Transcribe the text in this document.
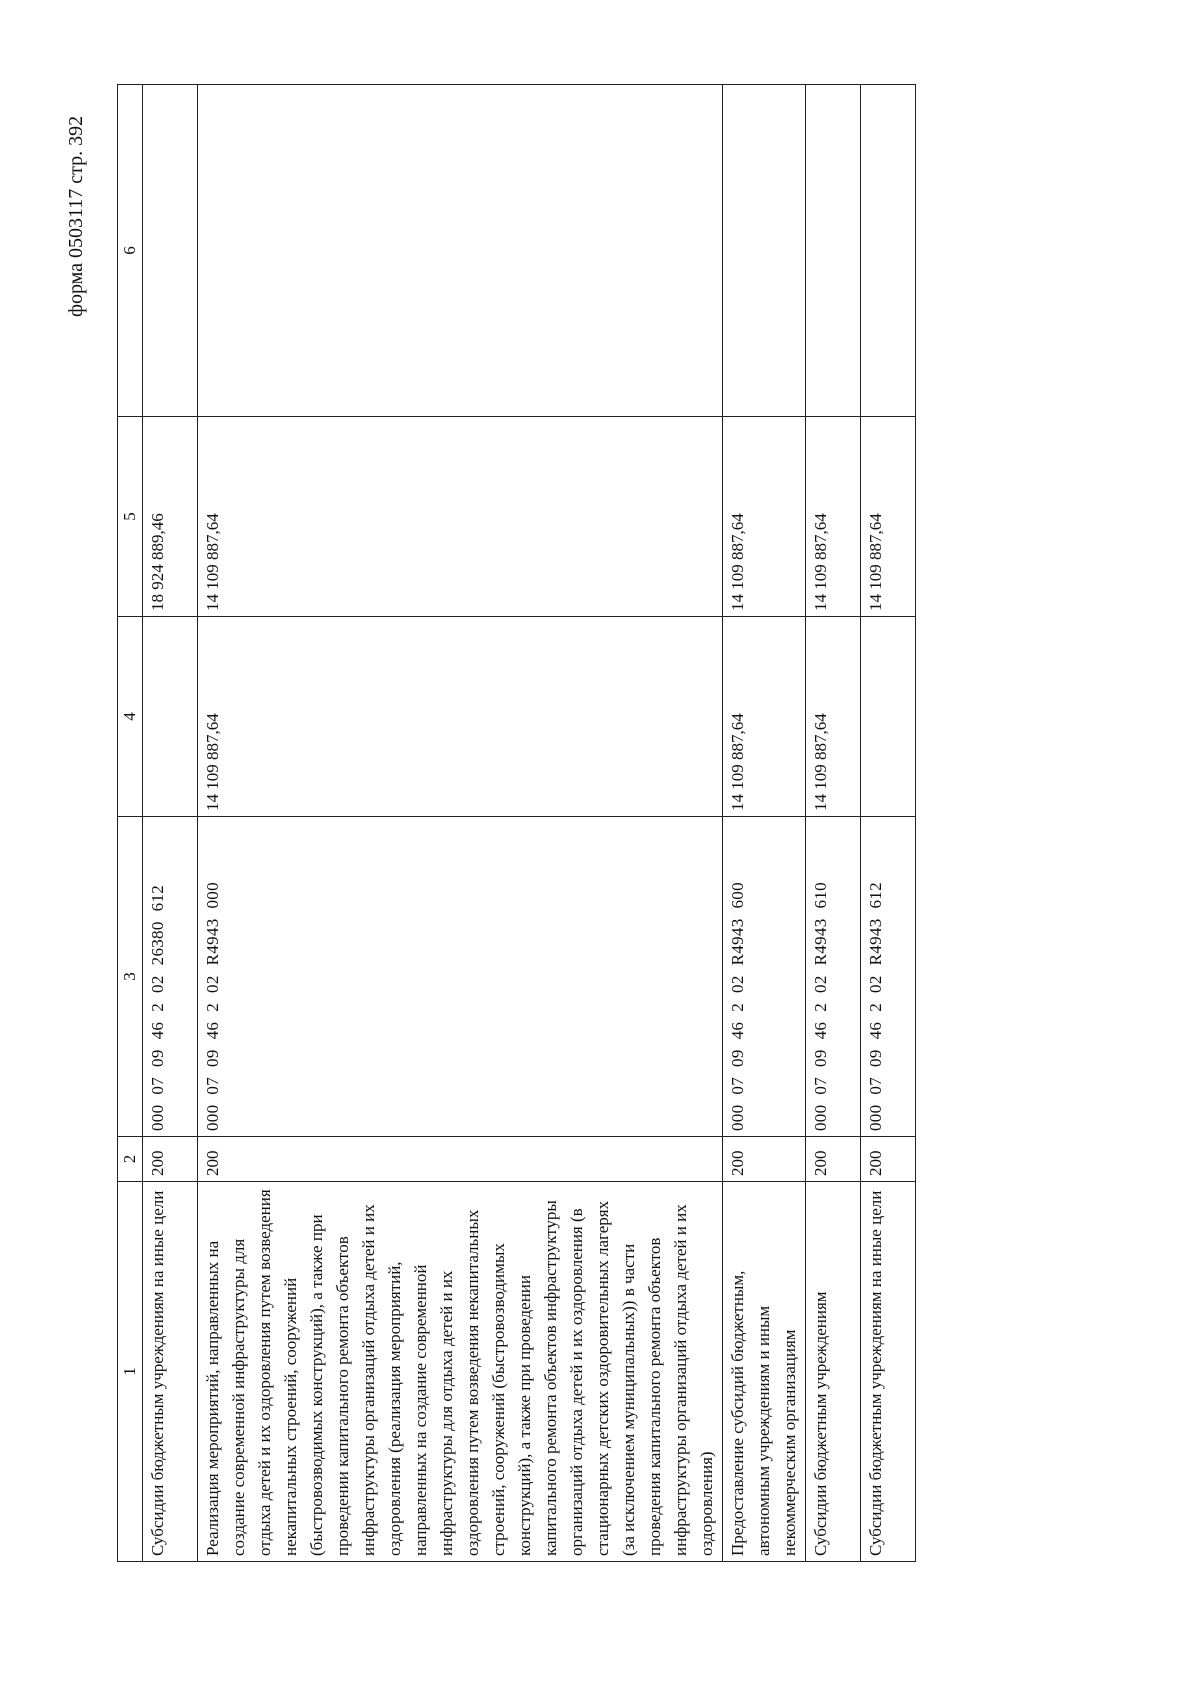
форма 0503117 стр. 392
1	2	3	4	5	6
Субсидии бюджетным учреждениям на иные цели	200	00007094620226380612		18 924 889,46	
Реализация мероприятий, направленных на создание современной инфраструктуры для отдыха детей и их оздоровления путем возведения некапитальных строений, сооружений (быстровозводимых конструкций), а также при проведении капитального ремонта объектов инфраструктуры организаций отдыха детей и их оздоровления (реализация мероприятий, направленных на создание современной инфраструктуры для отдыха детей и их оздоровления путем возведения некапитальных строений, сооружений (быстровозводимых конструкций), а также при проведении капитального ремонта объектов инфраструктуры организаций отдыха детей и их оздоровления (в стационарных детских оздоровительных лагерях (за исключением муниципальных)) в части проведения капитального ремонта объектов инфраструктуры организаций отдыха детей и их оздоровления)	200	000070946202R4943000	14 109 887,64	14 109 887,64	
Предоставление субсидий бюджетным, автономным учреждениям и иным некоммерческим организациям	200	000070946202R4943600	14 109 887,64	14 109 887,64	
Субсидии бюджетным учреждениям	200	000070946202R4943610	14 109 887,64	14 109 887,64	
Субсидии бюджетным учреждениям на иные цели	200	000070946202R4943612		14 109 887,64	
